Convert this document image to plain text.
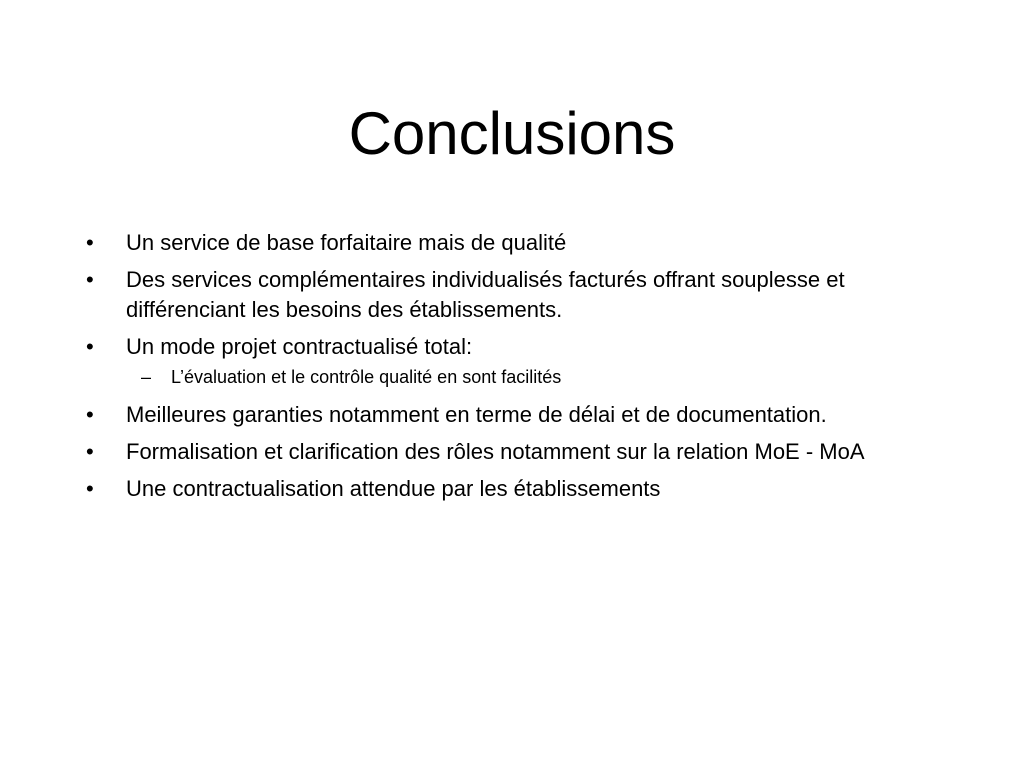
Conclusions
•	Un service de base forfaitaire mais de qualité
•	Des services complémentaires individualisés facturés offrant souplesse et différenciant les besoins des établissements.
•	Un mode projet contractualisé total:
–	L’évaluation et le contrôle qualité en sont facilités
•	Meilleures garanties notamment en terme de délai et de documentation.
•	Formalisation et clarification des rôles notamment sur la relation MoE - MoA
•	Une contractualisation attendue par les établissements
